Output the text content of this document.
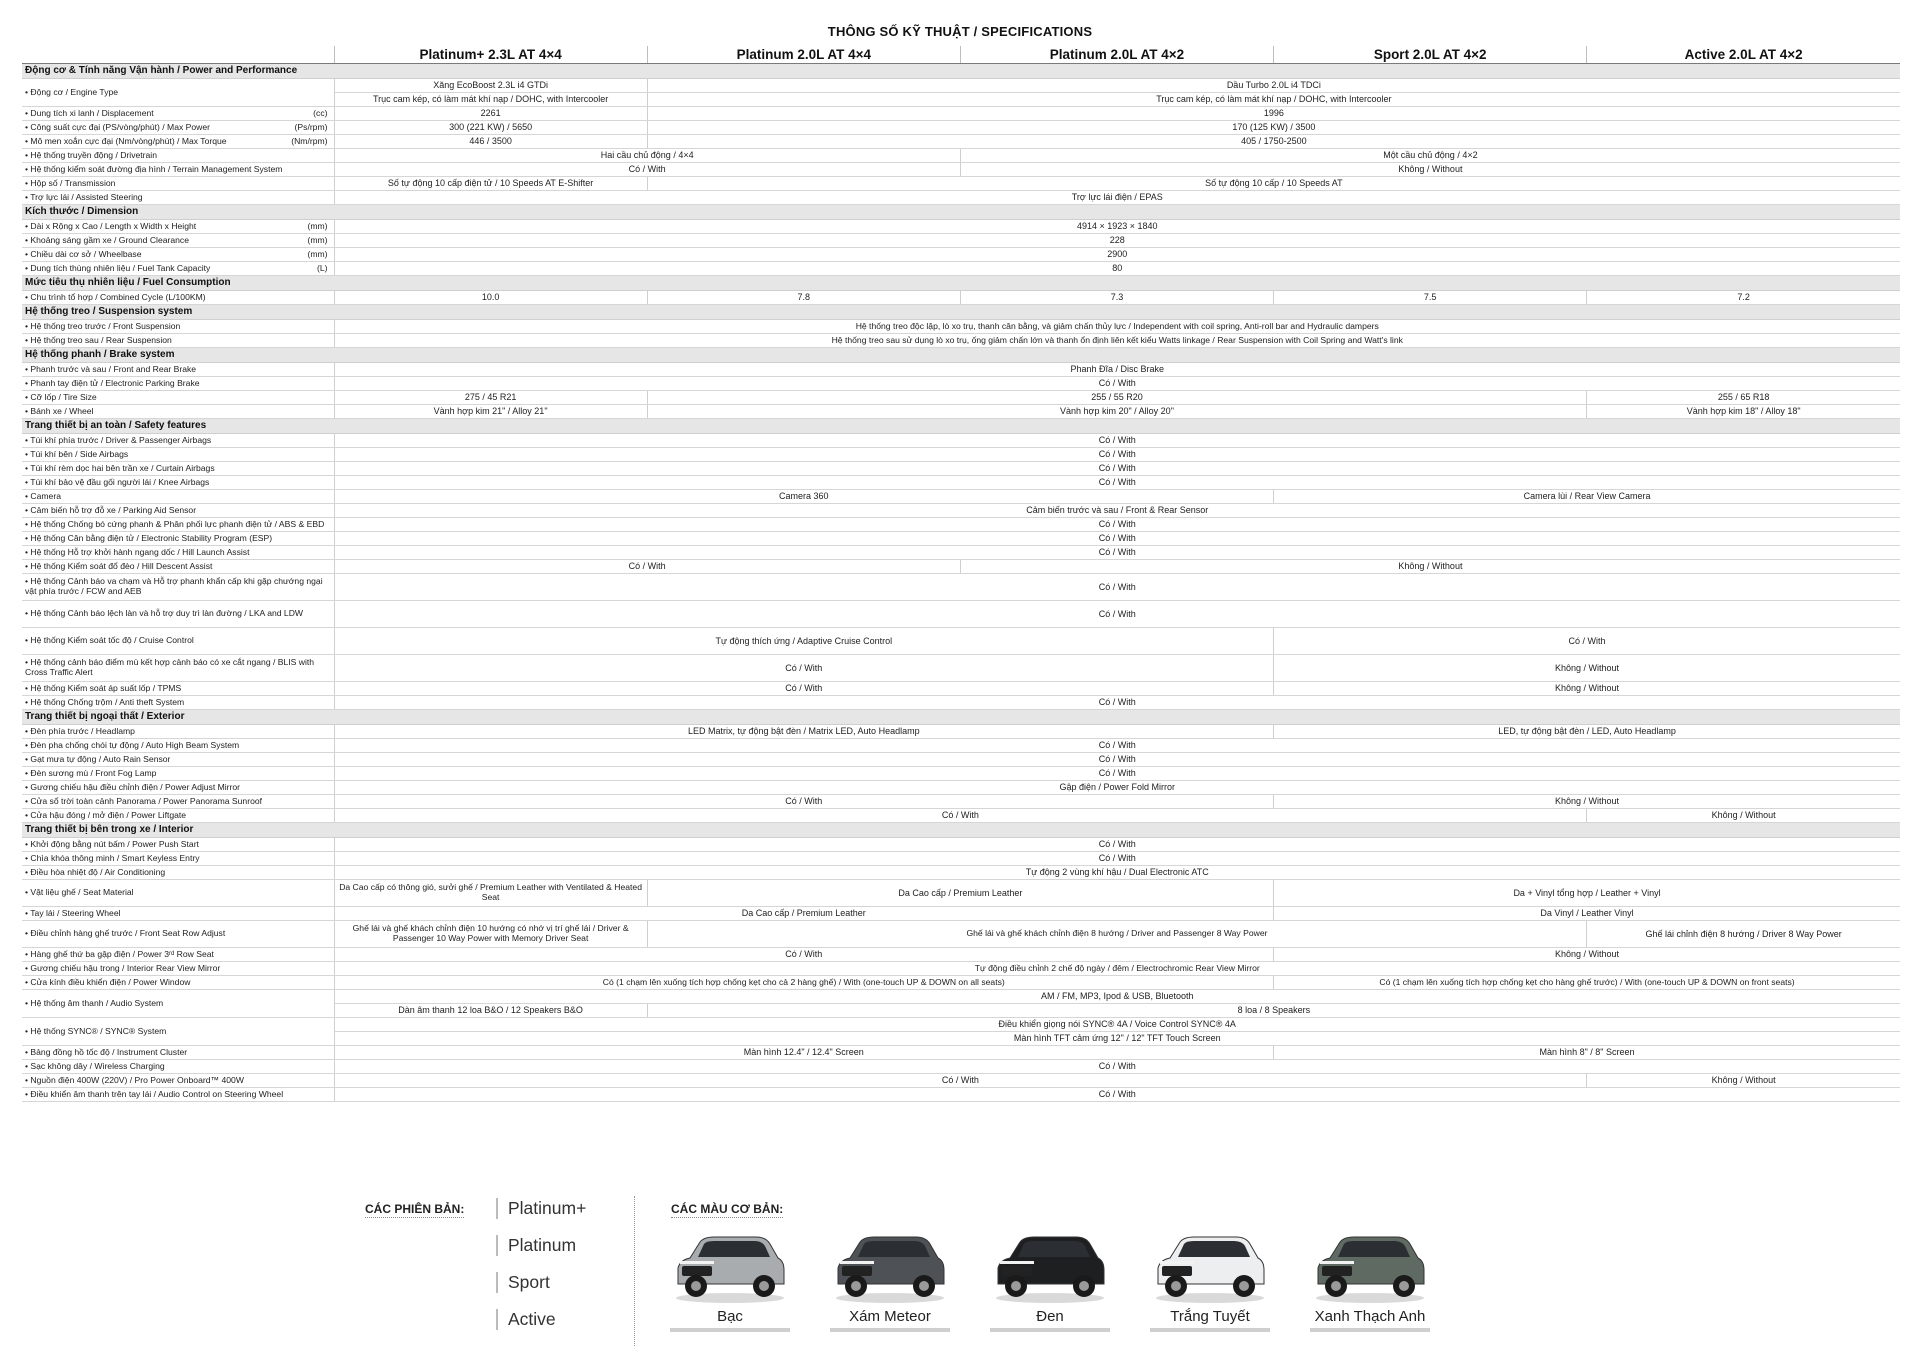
THÔNG SỐ KỸ THUẬT / SPECIFICATIONS
	Platinum+ 2.3L AT 4×4	Platinum 2.0L AT 4×4	Platinum 2.0L AT 4×2	Sport 2.0L AT 4×2	Active 2.0L AT 4×2
Động cơ & Tính năng Vận hành / Power and Performance					
• Động cơ / Engine Type	Xăng EcoBoost 2.3L i4 GTDi	Dầu Turbo 2.0L i4 TDCi			
	Trục cam kép, có làm mát khí nạp / DOHC, with Intercooler	Trục cam kép, có làm mát khí nạp / DOHC, with Intercooler			
• Dung tích xi lanh / Displacement (cc)	2261	1996			
• Công suất cực đại (PS/vòng/phút) / Max Power (Ps/rpm)	300 (221 KW) / 5650	170 (125 KW) / 3500			
• Mô men xoắn cực đại (Nm/vòng/phút) / Max Torque (Nm/rpm)	446 / 3500	405 / 1750-2500			
• Hệ thống truyền động / Drivetrain	Hai cầu chủ động / 4×4		Một cầu chủ động / 4×2		
• Hệ thống kiểm soát đường địa hình / Terrain Management System	Có / With		Không / Without		
• Hộp số / Transmission	Số tự động 10 cấp điện tử / 10 Speeds AT E-Shifter	Số tự động 10 cấp / 10 Speeds AT			
• Trợ lực lái / Assisted Steering	Trợ lực lái điện / EPAS				
Kích thước / Dimension					
• Dài x Rộng x Cao / Length x Width x Height (mm)	4914 × 1923 × 1840				
• Khoảng sáng gầm xe / Ground Clearance (mm)	228				
• Chiều dài cơ sở / Wheelbase (mm)	2900				
• Dung tích thùng nhiên liệu / Fuel Tank Capacity (L)	80				
Mức tiêu thụ nhiên liệu / Fuel Consumption					
• Chu trình tổ hợp / Combined Cycle (L/100KM)	10.0	7.8	7.3	7.5	7.2
Hệ thống treo / Suspension system					
• Hệ thống treo trước / Front Suspension	Hệ thống treo độc lập, lò xo trụ, thanh cân bằng, và giảm chấn thủy lực / Independent with coil spring, Anti-roll bar and Hydraulic dampers				
• Hệ thống treo sau / Rear Suspension	Hệ thống treo sau sử dụng lò xo trụ, ống giảm chấn lớn và thanh ổn định liên kết kiểu Watts linkage / Rear Suspension with Coil Spring and Watt's link				
Hệ thống phanh / Brake system					
• Phanh trước và sau / Front and Rear Brake	Phanh Đĩa / Disc Brake				
• Phanh tay điện tử / Electronic Parking Brake	Có / With				
• Cỡ lốp / Tire Size	275 / 45 R21	255 / 55 R20			255 / 65 R18
• Bánh xe / Wheel	Vành hợp kim 21" / Alloy 21"	Vành hợp kim 20" / Alloy 20"			Vành hợp kim 18" / Alloy 18"
Trang thiết bị an toàn / Safety features					
• Túi khí phía trước / Driver & Passenger Airbags	Có / With				
• Túi khí bên / Side Airbags	Có / With				
• Túi khí rèm dọc hai bên trần xe / Curtain Airbags	Có / With				
• Túi khí bảo vệ đầu gối người lái / Knee Airbags	Có / With				
• Camera	Camera 360			Camera lùi / Rear View Camera	
• Cảm biến hỗ trợ đỗ xe / Parking Aid Sensor	Cảm biến trước và sau / Front & Rear Sensor				
• Hệ thống Chống bó cứng phanh & Phân phối lực phanh điện tử / ABS & EBD	Có / With				
• Hệ thống Cân bằng điện tử / Electronic Stability Program (ESP)	Có / With				
• Hệ thống Hỗ trợ khởi hành ngang dốc / Hill Launch Assist	Có / With				
• Hệ thống Kiểm soát đổ đèo / Hill Descent Assist	Có / With		Không / Without		
• Hệ thống Cảnh báo va chạm và Hỗ trợ phanh khẩn cấp khi gặp chướng ngại vật phía trước / FCW and AEB	Có / With				
• Hệ thống Cảnh báo lệch làn và hỗ trợ duy trì làn đường / LKA and LDW	Có / With				
• Hệ thống Kiểm soát tốc độ / Cruise Control	Tự động thích ứng / Adaptive Cruise Control			Có / With	
• Hệ thống cảnh báo điểm mù kết hợp cảnh báo có xe cắt ngang / BLIS with Cross Traffic Alert	Có / With			Không / Without	
• Hệ thống Kiểm soát áp suất lốp / TPMS	Có / With			Không / Without	
• Hệ thống Chống trộm / Anti theft System	Có / With				
Trang thiết bị ngoại thất / Exterior					
• Đèn phía trước / Headlamp	LED Matrix, tự động bật đèn / Matrix LED, Auto Headlamp			LED, tự động bật đèn / LED, Auto Headlamp	
• Đèn pha chống chói tự động / Auto High Beam System	Có / With				
• Gạt mưa tự động / Auto Rain Sensor	Có / With				
• Đèn sương mù / Front Fog Lamp	Có / With				
• Gương chiếu hậu điều chỉnh điện / Power Adjust Mirror	Gập điện / Power Fold Mirror				
• Cửa sổ trời toàn cảnh Panorama / Power Panorama Sunroof	Có / With			Không / Without	
• Cửa hậu đóng / mở điện / Power Liftgate	Có / With				Không / Without
Trang thiết bị bên trong xe / Interior					
• Khởi động bằng nút bấm / Power Push Start	Có / With				
• Chìa khóa thông minh / Smart Keyless Entry	Có / With				
• Điều hòa nhiệt độ / Air Conditioning	Tự động 2 vùng khí hậu / Dual Electronic ATC				
• Vật liệu ghế / Seat Material	Da Cao cấp có thông gió, sưởi ghế / Premium Leather with Ventilated & Heated Seat	Da Cao cấp / Premium Leather		Da + Vinyl tổng hợp / Leather + Vinyl	
• Tay lái / Steering Wheel	Da Cao cấp / Premium Leather			Da Vinyl / Leather Vinyl	
• Điều chỉnh hàng ghế trước / Front Seat Row Adjust	Ghế lái và ghế khách chỉnh điện 10 hướng có nhớ vị trí ghế lái / Driver & Passenger 10 Way Power with Memory Driver Seat	Ghế lái và ghế khách chỉnh điện 8 hướng / Driver and Passenger 8 Way Power			Ghế lái chỉnh điện 8 hướng / Driver 8 Way Power
• Hàng ghế thứ ba gập điện / Power 3ʳᵈ Row Seat	Có / With			Không / Without	
• Gương chiếu hậu trong / Interior Rear View Mirror	Tự động điều chỉnh 2 chế độ ngày / đêm / Electrochromic Rear View Mirror				
• Cửa kính điều khiển điện / Power Window	Có (1 chạm lên xuống tích hợp chống kẹt cho cả 2 hàng ghế) / With (one-touch UP & DOWN on all seats)			Có (1 chạm lên xuống tích hợp chống kẹt cho hàng ghế trước) / With (one-touch UP & DOWN on front seats)	
• Hệ thống âm thanh / Audio System	AM / FM, MP3, Ipod & USB, Bluetooth				
	Dàn âm thanh 12 loa B&O / 12 Speakers B&O	8 loa / 8 Speakers			
• Hệ thống SYNC® / SYNC® System	Điều khiển giọng nói SYNC® 4A / Voice Control SYNC® 4A				
	Màn hình TFT cảm ứng 12" / 12" TFT Touch Screen				
• Bảng đồng hồ tốc độ / Instrument Cluster	Màn hình 12.4" / 12.4" Screen			Màn hình 8" / 8" Screen	
• Sạc không dây / Wireless Charging	Có / With				
• Nguồn điện 400W (220V) / Pro Power Onboard™ 400W	Có / With				Không / Without
• Điều khiển âm thanh trên tay lái / Audio Control on Steering Wheel	Có / With				
CÁC PHIÊN BẢN:	Platinum+
Platinum
Sport
Active
CÁC MÀU CƠ BẢN:
Bạc	Xám Meteor	Đen	Trắng Tuyết	Xanh Thạch Anh
